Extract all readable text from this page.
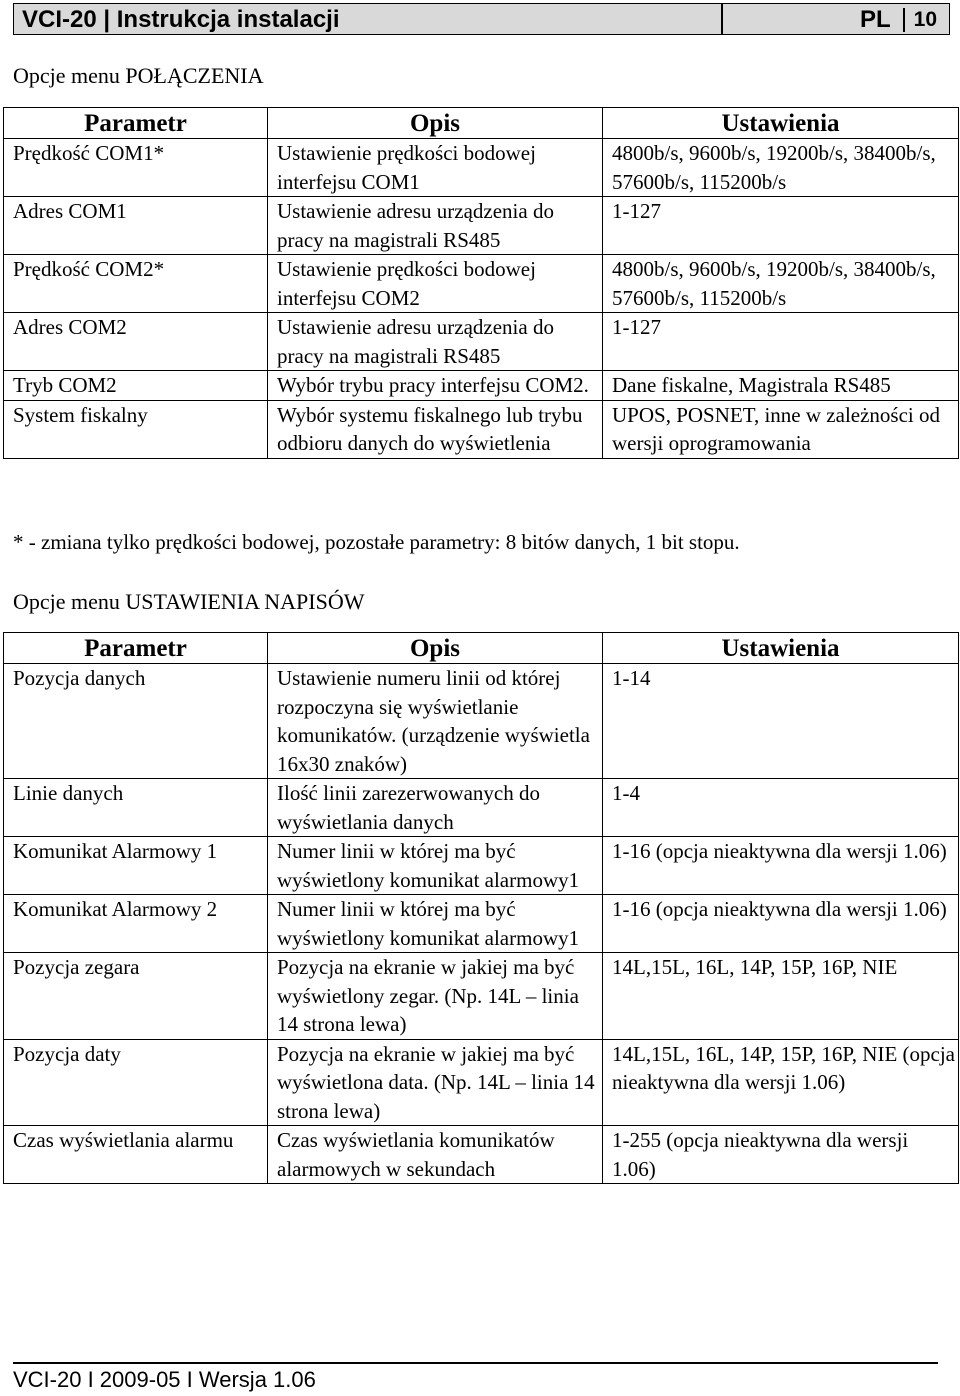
VCI-20 | Instrukcja instalacji	PL 10
Opcje menu POŁĄCZENIA
Parametr	Opis	Ustawienia
Prędkość COM1*	Ustawienie prędkości bodowej interfejsu COM1	4800b/s, 9600b/s, 19200b/s, 38400b/s, 57600b/s, 115200b/s
Adres COM1	Ustawienie adresu urządzenia do pracy na magistrali RS485	1-127
Prędkość COM2*	Ustawienie prędkości bodowej interfejsu COM2	4800b/s, 9600b/s, 19200b/s, 38400b/s, 57600b/s, 115200b/s
Adres COM2	Ustawienie adresu urządzenia do pracy na magistrali RS485	1-127
Tryb COM2	Wybór trybu pracy interfejsu COM2.	Dane fiskalne, Magistrala RS485
System fiskalny	Wybór systemu fiskalnego lub trybu odbioru danych do wyświetlenia	UPOS, POSNET, inne w zależności od wersji oprogramowania
* - zmiana tylko prędkości bodowej, pozostałe parametry: 8 bitów danych, 1 bit stopu.
Opcje menu USTAWIENIA NAPISÓW
Parametr	Opis	Ustawienia
Pozycja danych	Ustawienie numeru linii od której rozpoczyna się wyświetlanie komunikatów. (urządzenie wyświetla 16x30 znaków)	1-14
Linie danych	Ilość linii zarezerwowanych do wyświetlania danych	1-4
Komunikat Alarmowy 1	Numer linii w której ma być wyświetlony komunikat alarmowy1	1-16 (opcja nieaktywna dla wersji 1.06)
Komunikat Alarmowy 2	Numer linii w której ma być wyświetlony komunikat alarmowy1	1-16 (opcja nieaktywna dla wersji 1.06)
Pozycja zegara	Pozycja na ekranie w jakiej ma być wyświetlony zegar. (Np. 14L – linia 14 strona lewa)	14L,15L, 16L, 14P, 15P, 16P, NIE
Pozycja daty	Pozycja na ekranie w jakiej ma być wyświetlona data. (Np. 14L – linia 14 strona lewa)	14L,15L, 16L, 14P, 15P, 16P, NIE (opcja nieaktywna dla wersji 1.06)
Czas wyświetlania alarmu	Czas wyświetlania komunikatów alarmowych w sekundach	1-255 (opcja nieaktywna dla wersji 1.06)
VCI-20 I 2009-05 I Wersja 1.06
